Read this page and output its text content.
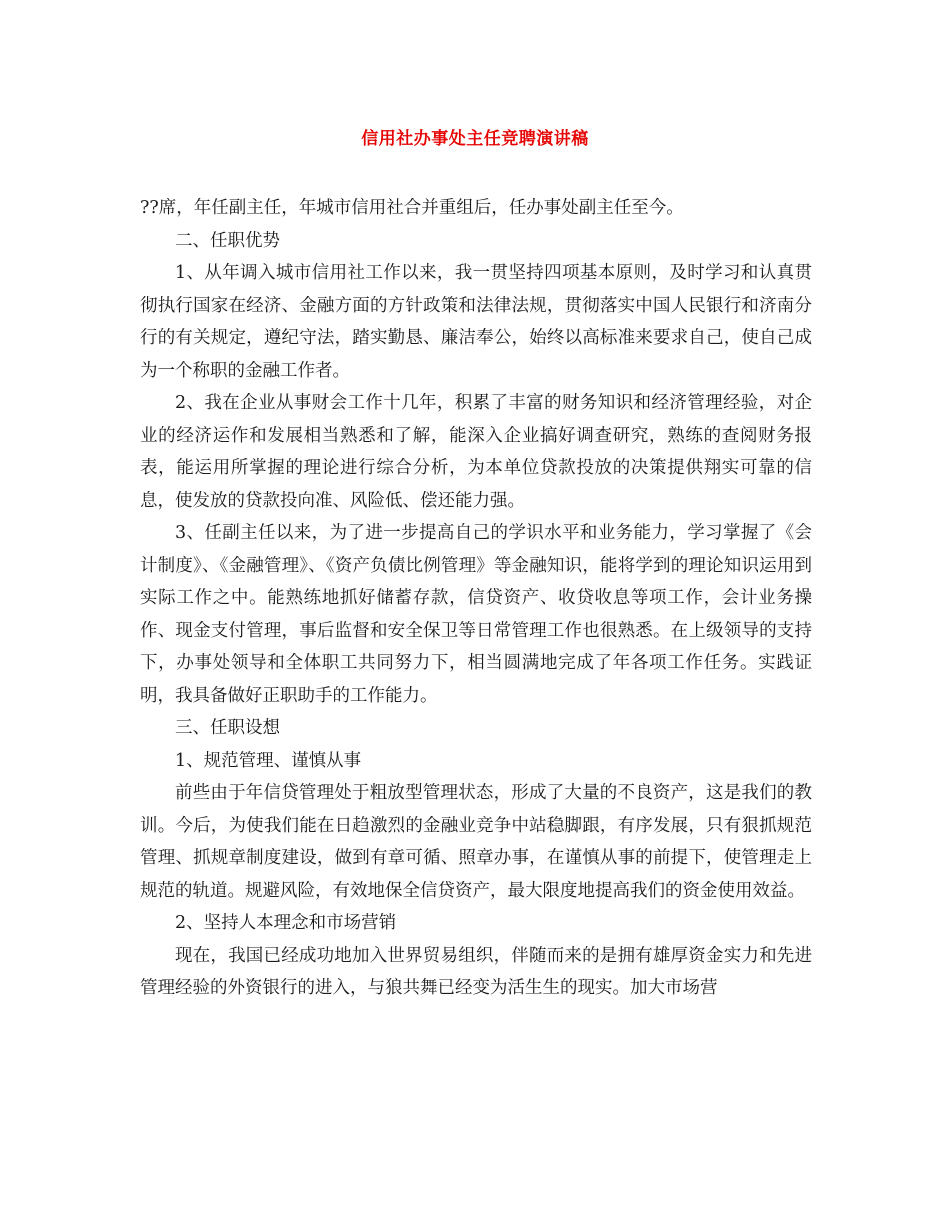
信用社办事处主任竞聘演讲稿

??席，年任副主任，年城市信用社合并重组后，任办事处副主任至今。

二、任职优势

1、从年调入城市信用社工作以来，我一贯坚持四项基本原则，及时学习和认真贯彻执行国家在经济、金融方面的方针政策和法律法规，贯彻落实中国人民银行和济南分行的有关规定，遵纪守法，踏实勤恳、廉洁奉公，始终以高标准来要求自己，使自己成为一个称职的金融工作者。

2、我在企业从事财会工作十几年，积累了丰富的财务知识和经济管理经验，对企业的经济运作和发展相当熟悉和了解，能深入企业搞好调查研究，熟练的查阅财务报表，能运用所掌握的理论进行综合分析，为本单位贷款投放的决策提供翔实可靠的信息，使发放的贷款投向准、风险低、偿还能力强。

3、任副主任以来，为了进一步提高自己的学识水平和业务能力，学习掌握了《会计制度》、《金融管理》、《资产负债比例管理》等金融知识，能将学到的理论知识运用到实际工作之中。能熟练地抓好储蓄存款，信贷资产、收贷收息等项工作，会计业务操作、现金支付管理，事后监督和安全保卫等日常管理工作也很熟悉。在上级领导的支持下，办事处领导和全体职工共同努力下，相当圆满地完成了年各项工作任务。实践证明，我具备做好正职助手的工作能力。

三、任职设想

1、规范管理、谨慎从事

前些由于年信贷管理处于粗放型管理状态，形成了大量的不良资产，这是我们的教训。今后，为使我们能在日趋激烈的金融业竞争中站稳脚跟，有序发展，只有狠抓规范管理、抓规章制度建设，做到有章可循、照章办事，在谨慎从事的前提下，使管理走上规范的轨道。规避风险，有效地保全信贷资产，最大限度地提高我们的资金使用效益。

2、坚持人本理念和市场营销

现在，我国已经成功地加入世界贸易组织，伴随而来的是拥有雄厚资金实力和先进管理经验的外资银行的进入，与狼共舞已经变为活生生的现实。加大市场营
